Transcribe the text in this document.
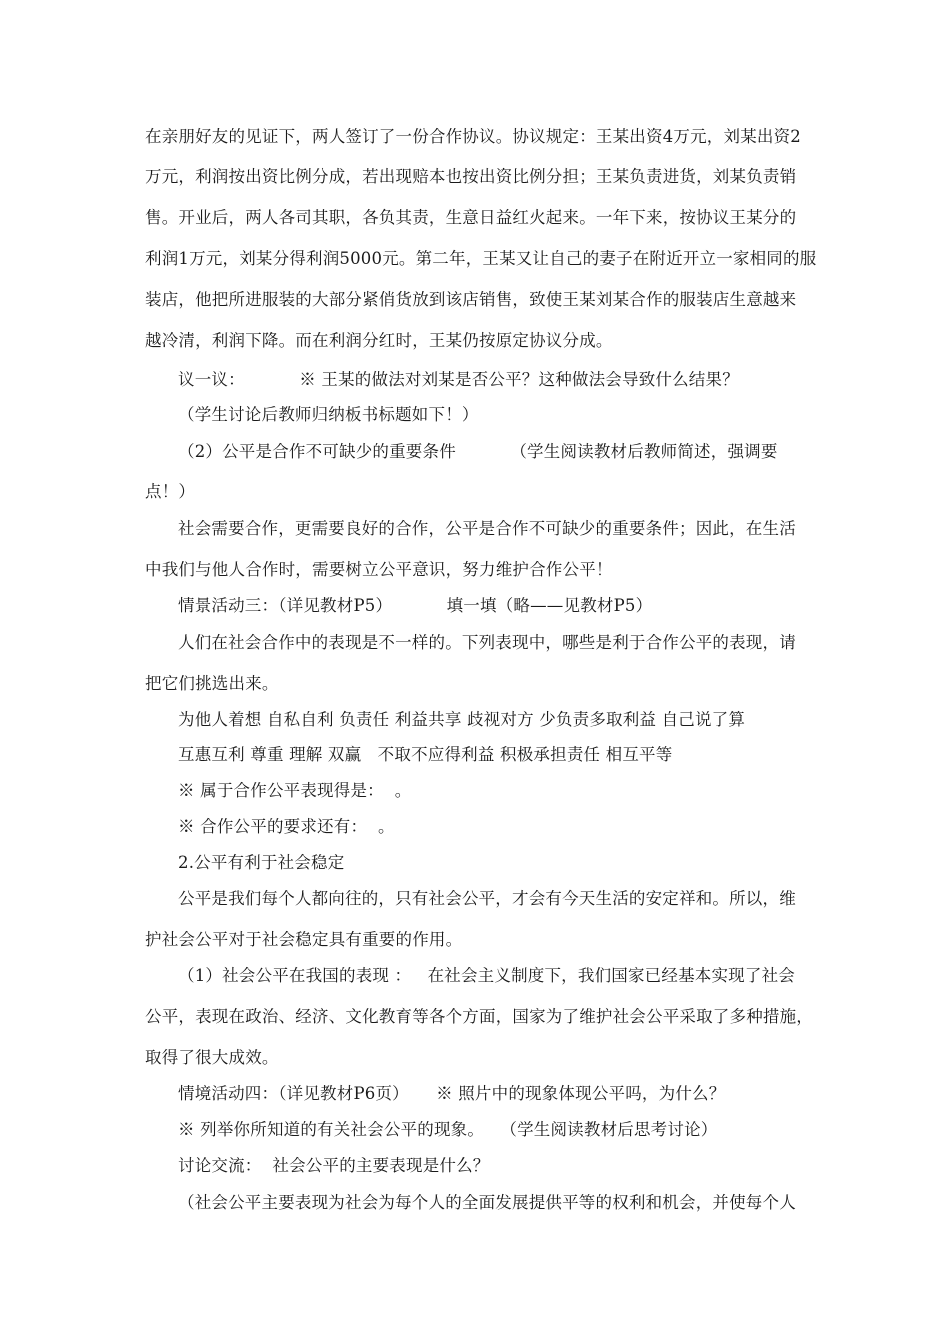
在亲朋好友的见证下，两人签订了一份合作协议。协议规定：王某出资4万元，刘某出资2
万元，利润按出资比例分成，若出现赔本也按出资比例分担；王某负责进货，刘某负责销
售。开业后，两人各司其职，各负其责，生意日益红火起来。一年下来，按协议王某分的
利润1万元，刘某分得利润5000元。第二年，王某又让自己的妻子在附近开立一家相同的服
装店，他把所进服装的大部分紧俏货放到该店销售，致使王某刘某合作的服装店生意越来
越冷清，利润下降。而在利润分红时，王某仍按原定协议分成。
议一议：          ※ 王某的做法对刘某是否公平？这种做法会导致什么结果？
（学生讨论后教师归纳板书标题如下！）
（2）公平是合作不可缺少的重要条件          （学生阅读教材后教师简述，强调要
点！）
社会需要合作，更需要良好的合作，公平是合作不可缺少的重要条件；因此，在生活
中我们与他人合作时，需要树立公平意识，努力维护合作公平！
情景活动三：（详见教材P5）          填一填（略——见教材P5）
人们在社会合作中的表现是不一样的。下列表现中，哪些是利于合作公平的表现，请
把它们挑选出来。
为他人着想 自私自利 负责任 利益共享 歧视对方 少负责多取利益 自己说了算
互惠互利 尊重 理解 双赢   不取不应得利益 积极承担责任 相互平等
※ 属于合作公平表现得是：  。
※ 合作公平的要求还有：  。
2.公平有利于社会稳定
公平是我们每个人都向往的，只有社会公平，才会有今天生活的安定祥和。所以，维
护社会公平对于社会稳定具有重要的作用。
（1）社会公平在我国的表现 ：   在社会主义制度下，我们国家已经基本实现了社会
公平，表现在政治、经济、文化教育等各个方面，国家为了维护社会公平采取了多种措施，
取得了很大成效。
情境活动四：（详见教材P6页）     ※ 照片中的现象体现公平吗，为什么？
※ 列举你所知道的有关社会公平的现象。   （学生阅读教材后思考讨论）
讨论交流：  社会公平的主要表现是什么？
（社会公平主要表现为社会为每个人的全面发展提供平等的权利和机会，并使每个人
